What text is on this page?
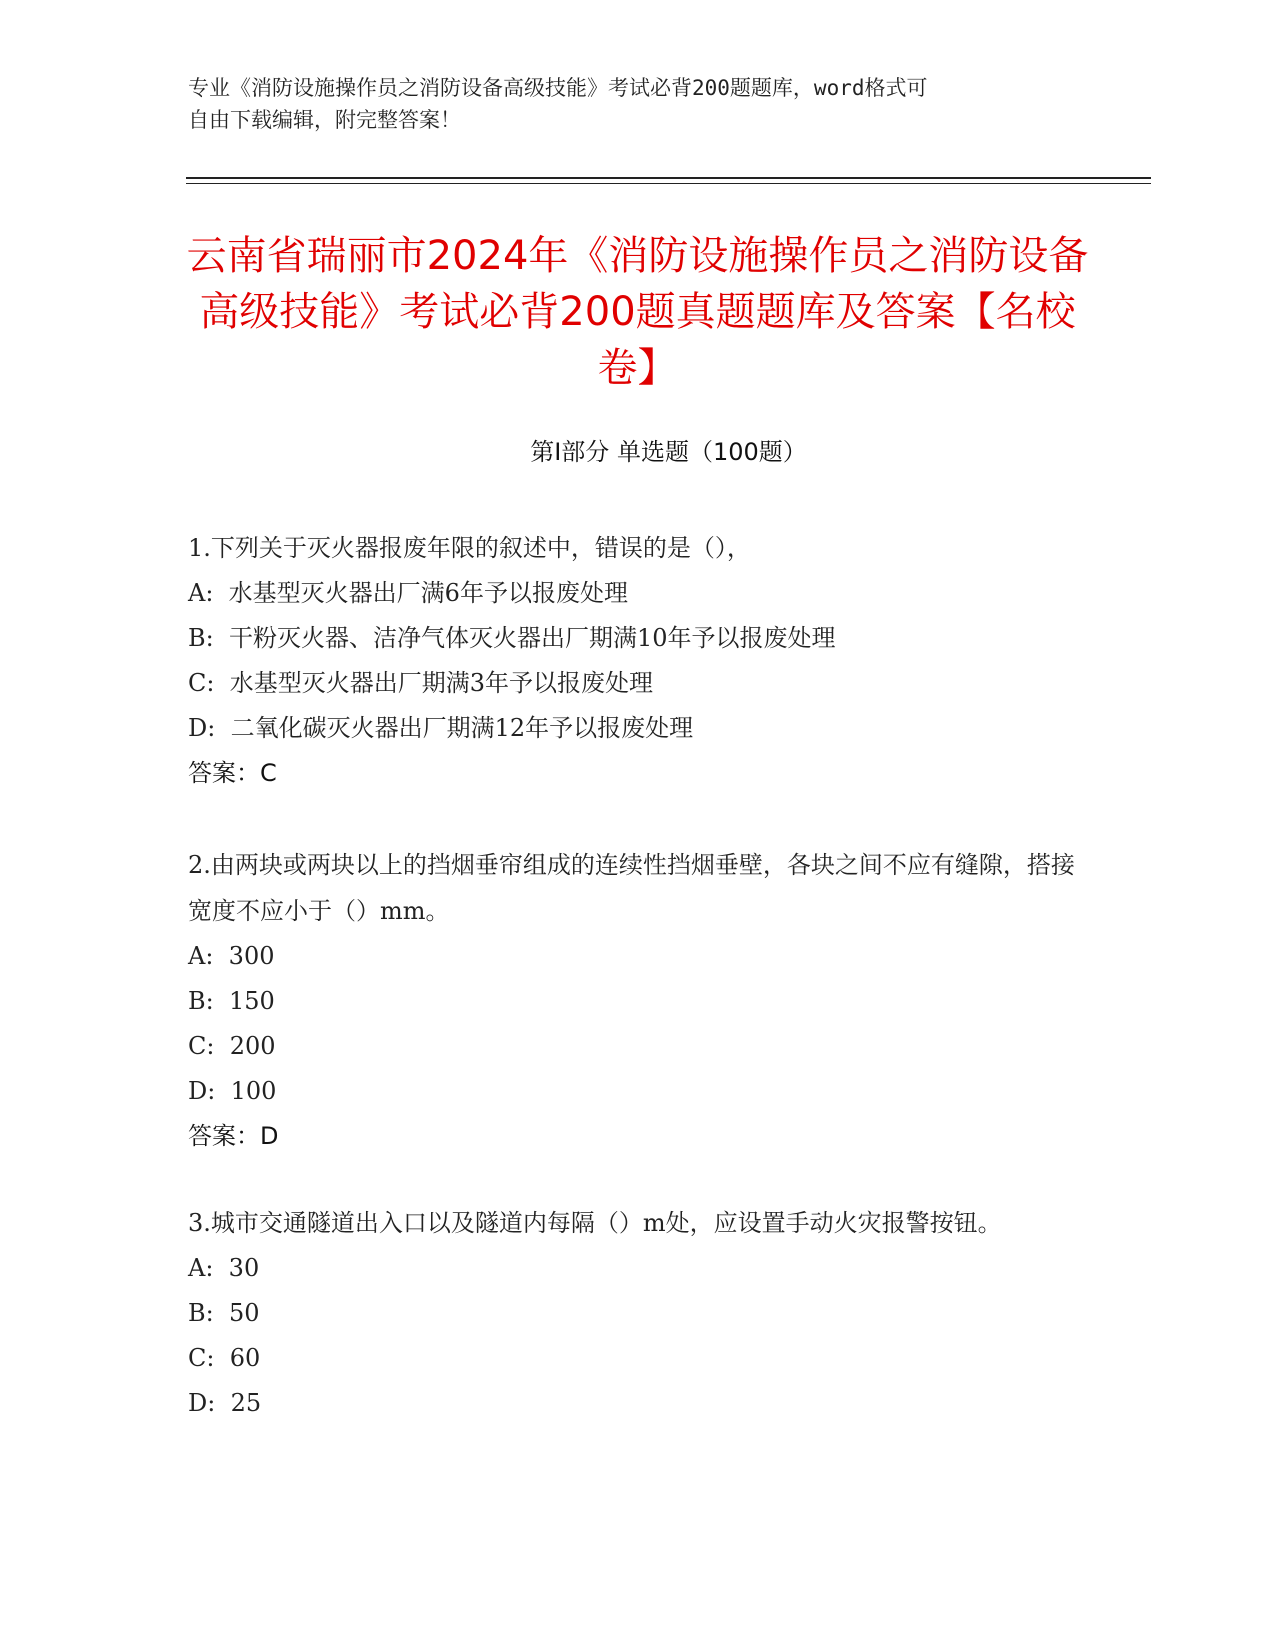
专业《消防设施操作员之消防设备高级技能》考试必背200题题库，word格式可
自由下载编辑，附完整答案！
云南省瑞丽市2024年《消防设施操作员之消防设备高级技能》考试必背200题真题题库及答案【名校卷】
第I部分 单选题（100题）

1.下列关于灭火器报废年限的叙述中，错误的是（），

A:  水基型灭火器出厂满6年予以报废处理

B:  干粉灭火器、洁净气体灭火器出厂期满10年予以报废处理

C:  水基型灭火器出厂期满3年予以报废处理

D:  二氧化碳灭火器出厂期满12年予以报废处理

答案：C

2.由两块或两块以上的挡烟垂帘组成的连续性挡烟垂壁，各块之间不应有缝隙，搭接宽度不应小于（）mm。

A:  300

B:  150

C:  200

D:  100

答案：D

3.城市交通隧道出入口以及隧道内每隔（）m处，应设置手动火灾报警按钮。

A:  30

B:  50

C:  60

D:  25
